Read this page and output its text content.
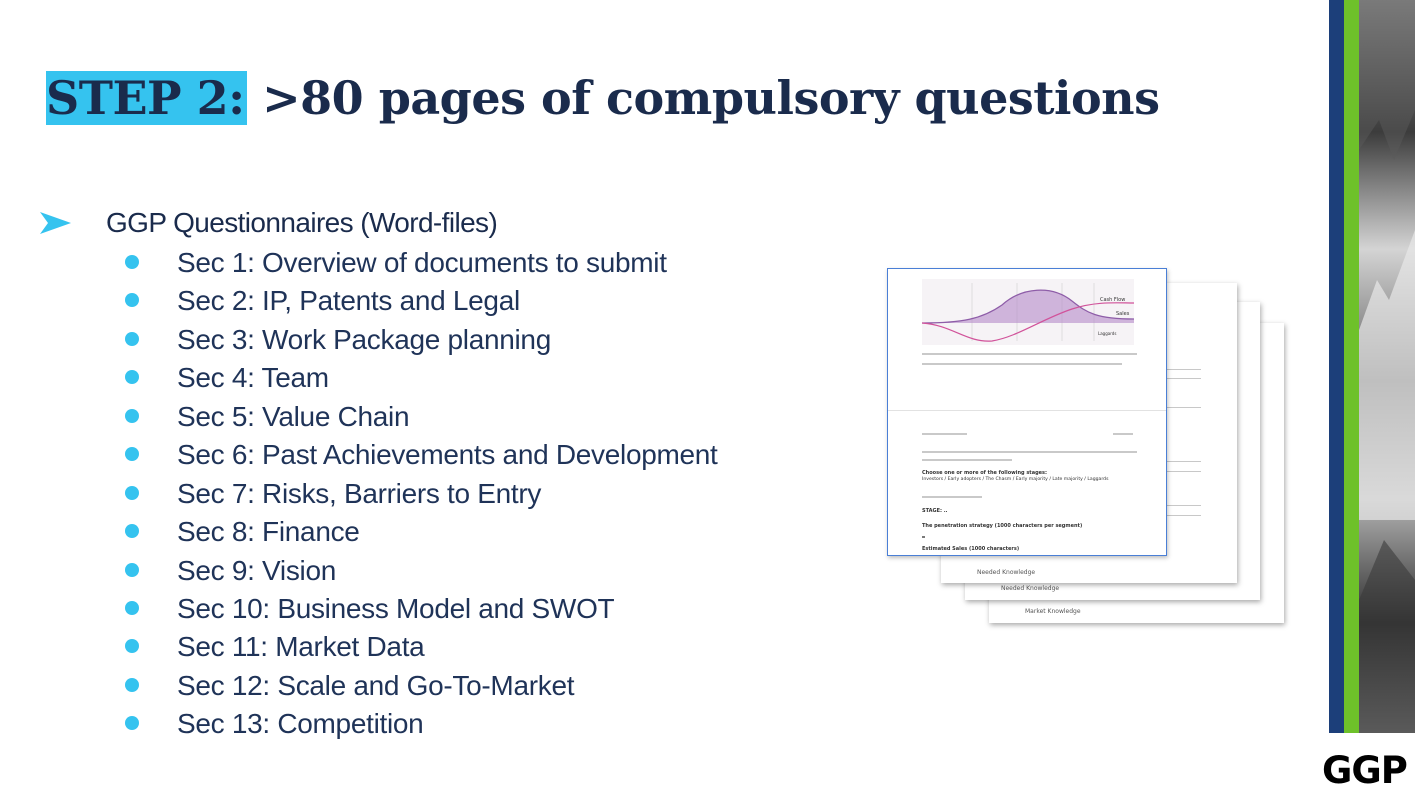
STEP 2: >80 pages of compulsory questions
GGP Questionnaires (Word-files)
Sec 1: Overview of documents to submit
Sec 2: IP, Patents and Legal
Sec 3: Work Package planning
Sec 4: Team
Sec 5: Value Chain
Sec 6: Past Achievements and Development
Sec 7: Risks, Barriers to Entry
Sec 8: Finance
Sec 9: Vision
Sec 10: Business Model and SWOT
Sec 11: Market Data
Sec 12: Scale and Go-To-Market
Sec 13: Competition
Market Knowledge
Needed Knowledge
Needed Knowledge
Cash Flow
Sales
Laggards
Choose one or more of the following stages:
Investors / Early adopters / The Chasm / Early majority / Late majority / Laggards
STAGE: ..
The penetration strategy (1000 characters per segment)
Estimated Sales (1000 characters)
GGP
